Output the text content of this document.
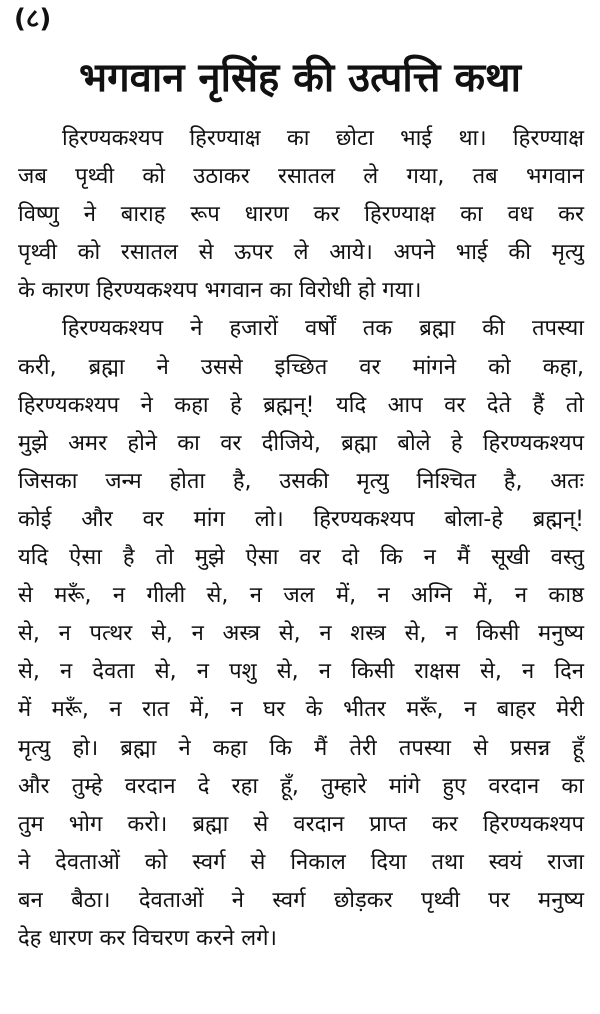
(८)
भगवान नृसिंह की उत्पत्ति कथा
हिरण्यकश्यप हिरण्याक्ष का छोटा भाई था। हिरण्याक्ष
जब पृथ्वी को उठाकर रसातल ले गया, तब भगवान
विष्णु ने बाराह रूप धारण कर हिरण्याक्ष का वध कर
पृथ्वी को रसातल से ऊपर ले आये। अपने भाई की मृत्यु
के कारण हिरण्यकश्यप भगवान का विरोधी हो गया।
हिरण्यकश्यप ने हजारों वर्षों तक ब्रह्मा की तपस्या
करी, ब्रह्मा ने उससे इच्छित वर मांगने को कहा,
हिरण्यकश्यप ने कहा हे ब्रह्मन्! यदि आप वर देते हैं तो
मुझे अमर होने का वर दीजिये, ब्रह्मा बोले हे हिरण्यकश्यप
जिसका जन्म होता है, उसकी मृत्यु निश्चित है, अतः
कोई और वर मांग लो। हिरण्यकश्यप बोला-हे ब्रह्मन्!
यदि ऐसा है तो मुझे ऐसा वर दो कि न मैं सूखी वस्तु
से मरूँ, न गीली से, न जल में, न अग्नि में, न काष्ठ
से, न पत्थर से, न अस्त्र से, न शस्त्र से, न किसी मनुष्य
से, न देवता से, न पशु से, न किसी राक्षस से, न दिन
में मरूँ, न रात में, न घर के भीतर मरूँ, न बाहर मेरी
मृत्यु हो। ब्रह्मा ने कहा कि मैं तेरी तपस्या से प्रसन्न हूँ
और तुम्हे वरदान दे रहा हूँ, तुम्हारे मांगे हुए वरदान का
तुम भोग करो। ब्रह्मा से वरदान प्राप्त कर हिरण्यकश्यप
ने देवताओं को स्वर्ग से निकाल दिया तथा स्वयं राजा
बन बैठा। देवताओं ने स्वर्ग छोड़कर पृथ्वी पर मनुष्य
देह धारण कर विचरण करने लगे।
